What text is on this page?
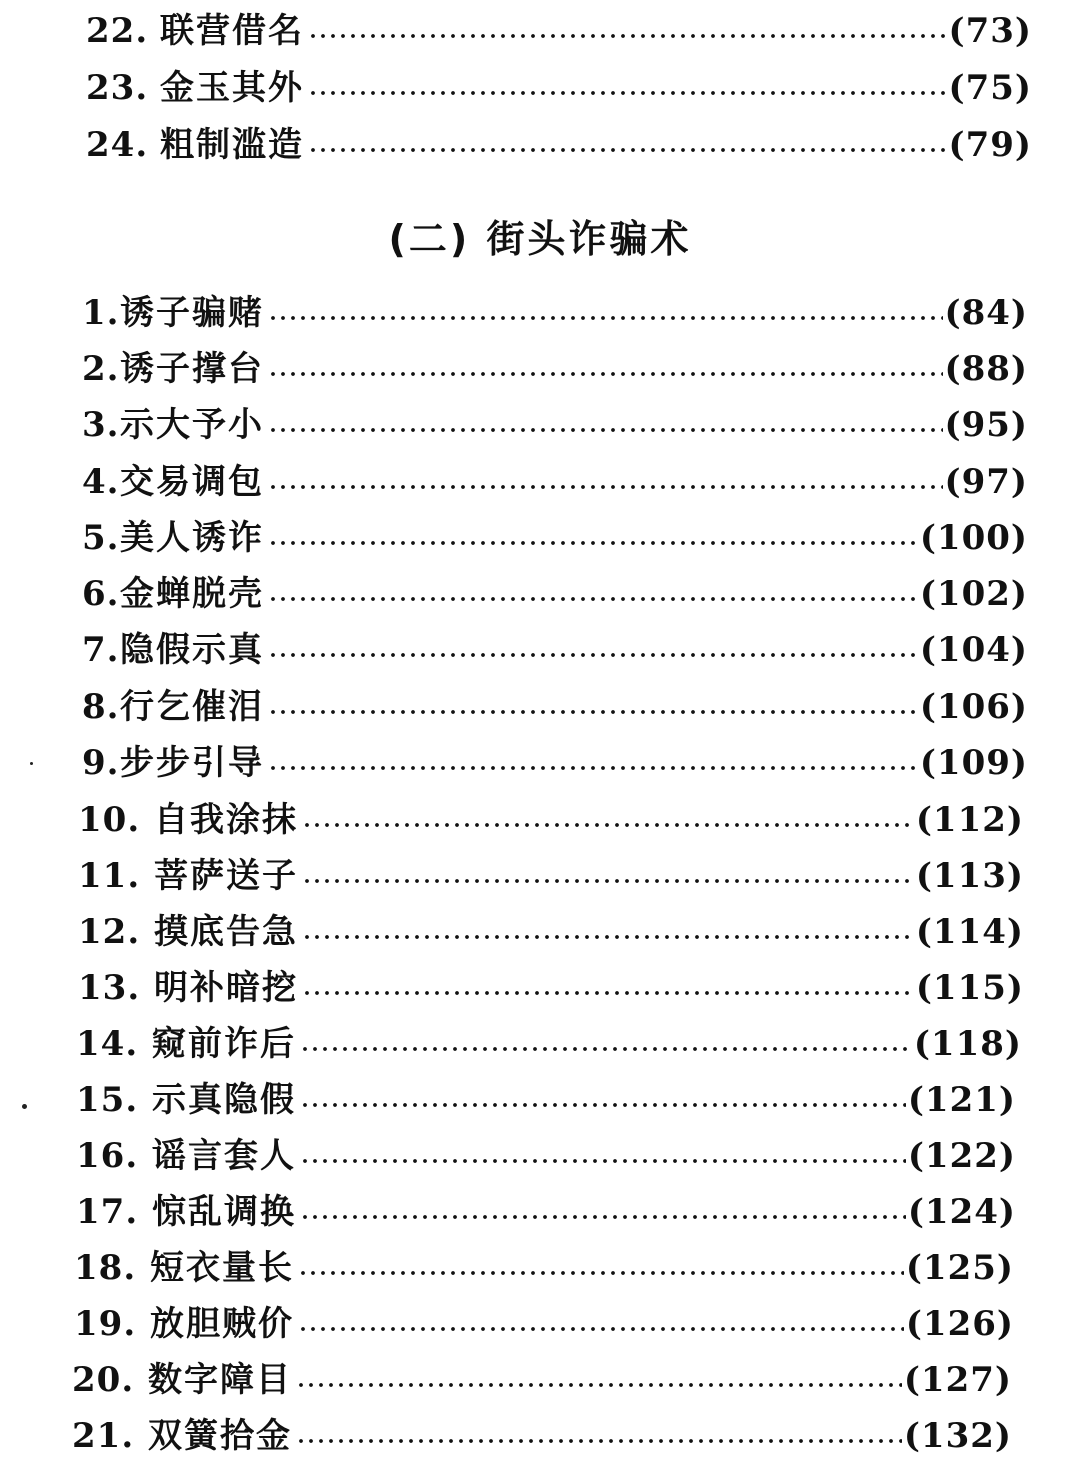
22. 联营借名	(73)
23. 金玉其外	(75)
24. 粗制滥造	(79)
(二) 街头诈骗术
1. 诱子骗赌	(84)
2. 诱子撑台	(88)
3. 示大予小	(95)
4. 交易调包	(97)
5. 美人诱诈	(100)
6. 金蝉脱壳	(102)
7. 隐假示真	(104)
8. 行乞催泪	(106)
9. 步步引导	(109)
10. 自我涂抹	(112)
11. 菩萨送子	(113)
12. 摸底告急	(114)
13. 明补暗挖	(115)
14. 窥前诈后	(118)
15. 示真隐假	(121)
16. 谣言套人	(122)
17. 惊乱调换	(124)
18. 短衣量长	(125)
19. 放胆贼价	(126)
20. 数字障目	(127)
21. 双簧拾金	(132)
